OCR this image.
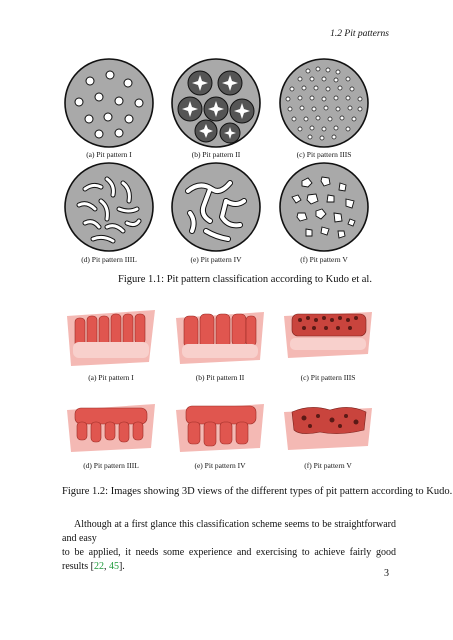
1.2 Pit patterns
(a) Pit pattern I	(b) Pit pattern II	(c) Pit pattern IIIS
(d) Pit pattern IIIL	(e) Pit pattern IV	(f) Pit pattern V
Figure 1.1: Pit pattern classification according to Kudo et al.
(a) Pit pattern I	(b) Pit pattern II	(c) Pit pattern IIIS
(d) Pit pattern IIIL	(e) Pit pattern IV	(f) Pit pattern V
Figure 1.2: Images showing 3D views of the different types of pit pattern according to Kudo.
Although at a first glance this classification scheme seems to be straightforward and easy
to be applied, it needs some experience and exercising to achieve fairly good results [22, 45].
3
